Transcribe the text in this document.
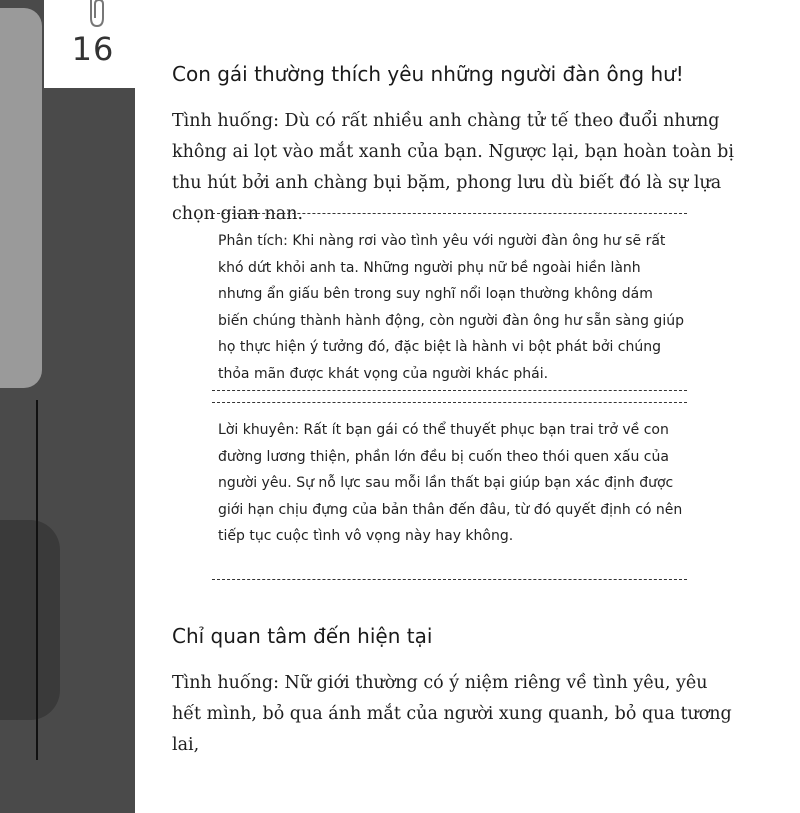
16
Con gái thường thích yêu những người đàn ông hư!

Tình huống: Dù có rất nhiều anh chàng tử tế theo đuổi nhưng không ai lọt vào mắt xanh của bạn. Ngược lại, bạn hoàn toàn bị thu hút bởi anh chàng bụi bặm, phong lưu dù biết đó là sự lựa chọn gian nan.

Phân tích: Khi nàng rơi vào tình yêu với người đàn ông hư sẽ rất khó dứt khỏi anh ta. Những người phụ nữ bề ngoài hiền lành nhưng ẩn giấu bên trong suy nghĩ nổi loạn thường không dám biến chúng thành hành động, còn người đàn ông hư sẵn sàng giúp họ thực hiện ý tưởng đó, đặc biệt là hành vi bột phát bởi chúng thỏa mãn được khát vọng của người khác phái.
Lời khuyên: Rất ít bạn gái có thể thuyết phục bạn trai trở về con đường lương thiện, phần lớn đều bị cuốn theo thói quen xấu của người yêu. Sự nỗ lực sau mỗi lần thất bại giúp bạn xác định được giới hạn chịu đựng của bản thân đến đâu, từ đó quyết định có nên tiếp tục cuộc tình vô vọng này hay không.
Chỉ quan tâm đến hiện tại

Tình huống: Nữ giới thường có ý niệm riêng về tình yêu, yêu hết mình, bỏ qua ánh mắt của người xung quanh, bỏ qua tương lai,
